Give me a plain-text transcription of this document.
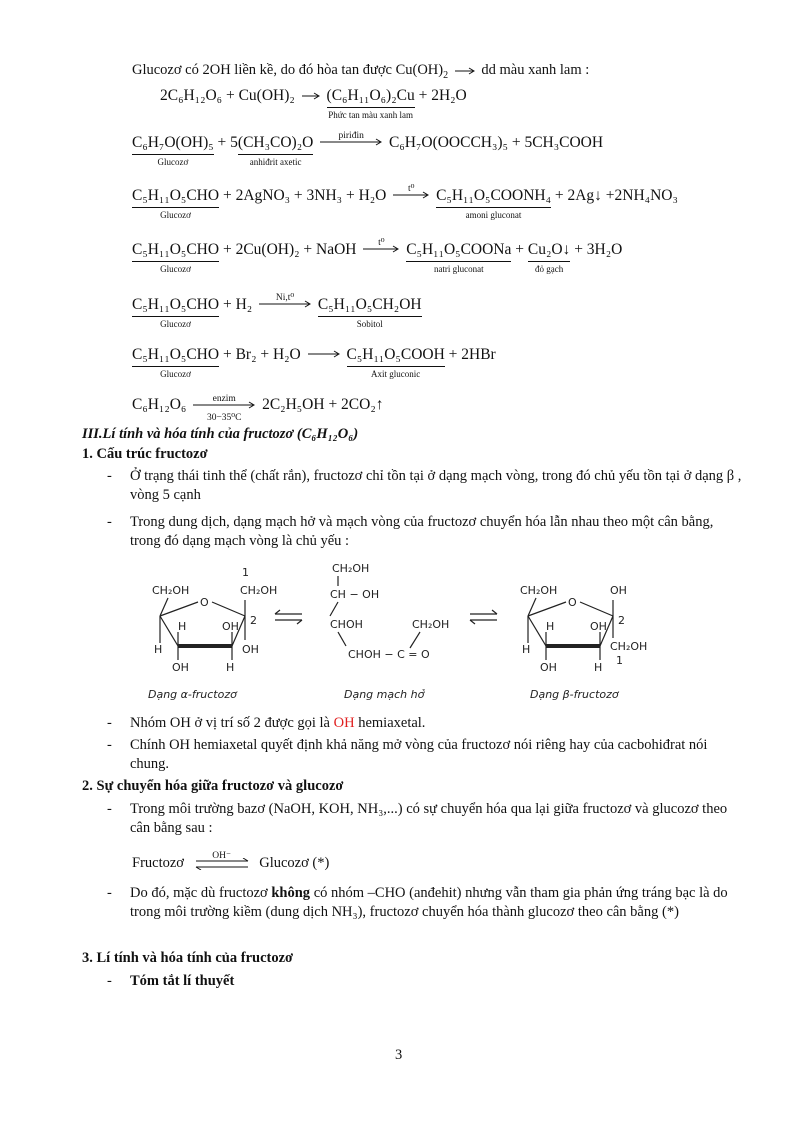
Glucozơ có 2OH liền kề, do đó hòa tan được $Cu(OH)_2$ dd màu xanh lam :
2C₆H₁₂O₆ + Cu(OH)₂
(C₆H₁₁O₆)₂Cu
Phức tan màu xanh lam
+ 2H₂O
C₆H₇O(OH)₅
Glucozơ
+ 5 (CH₃CO)₂O
anhiđrit axetic

piriđin	C₆H₇O(OOCCH₃)₅ + 5CH₃COOH
C₅H₁₁O₅CHO
Glucozơ
+ 2AgNO₃ + 3NH₃ + H₂O	t⁰
	C₅H₁₁O₅COONH₄
amoni gluconat
+ 2Ag↓ +2NH₄NO₃
C₅H₁₁O₅CHO
Glucozơ
+ 2Cu(OH)₂ + NaOH	t⁰
	C₅H₁₁O₅COONa
natri gluconat
+ Cu₂O↓
đỏ gạch
+ 3H₂O
C₅H₁₁O₅CHO
Glucozơ
+ H₂	Ni,t⁰
	C₅H₁₁O₅CH₂OH
Sobitol
C₅H₁₁O₅CHO
Glucozơ
+ Br₂ + H₂O
	C₅H₁₁O₅COOH
Axit gluconic
+ 2HBr
C₆H₁₂O₆	enzim
30−35⁰C
2C₂H₅OH + 2CO₂↑
III.Lí tính và hóa tính của fructozơ (C₆H₁₂O₆)
1. Cấu trúc fructozơ
- Ở trạng thái tinh thể (chất rắn), fructozơ chỉ tồn tại ở dạng mạch vòng, trong đó chủ yếu tồn tại ở dạng β , vòng 5 cạnh
- Trong dung dịch, dạng mạch hở và mạch vòng của fructozơ chuyển hóa lẫn nhau theo một cân bằng, trong đó dạng mạch vòng là chủ yếu :
CH₂OH
O
1
CH₂OH
2
H	OH
H	OH
OH	H
CH₂OH
CH − OH
CHOH
CHOH − C = O
CH₂OH
CH₂OH
O
OH
2
H	OH
H	CH₂OH
OH	H
1
Dạng α-fructozơ	Dạng mạch hở	Dạng β-fructozơ
- Nhóm OH ở vị trí số 2 được gọi là OH hemiaxetal.
- Chính OH hemiaxetal quyết định khả năng mở vòng của fructozơ nói riêng hay của cacbohiđrat nói chung.
2. Sự chuyển hóa giữa fructozơ và glucozơ
- Trong môi trường bazơ (NaOH, KOH, NH₃,...) có sự chuyển hóa qua lại giữa fructozơ và glucozơ theo cân bằng sau :
Fructozơ	OH⁻	Glucozơ (*)
- Do đó, mặc dù fructozơ không có nhóm –CHO (anđehit) nhưng vẫn tham gia phản ứng tráng bạc là do trong môi trường kiềm (dung dịch NH₃), fructozơ chuyển hóa thành glucozơ theo cân bằng (*)
3. Lí tính và hóa tính của fructozơ
- Tóm tắt lí thuyết
3
